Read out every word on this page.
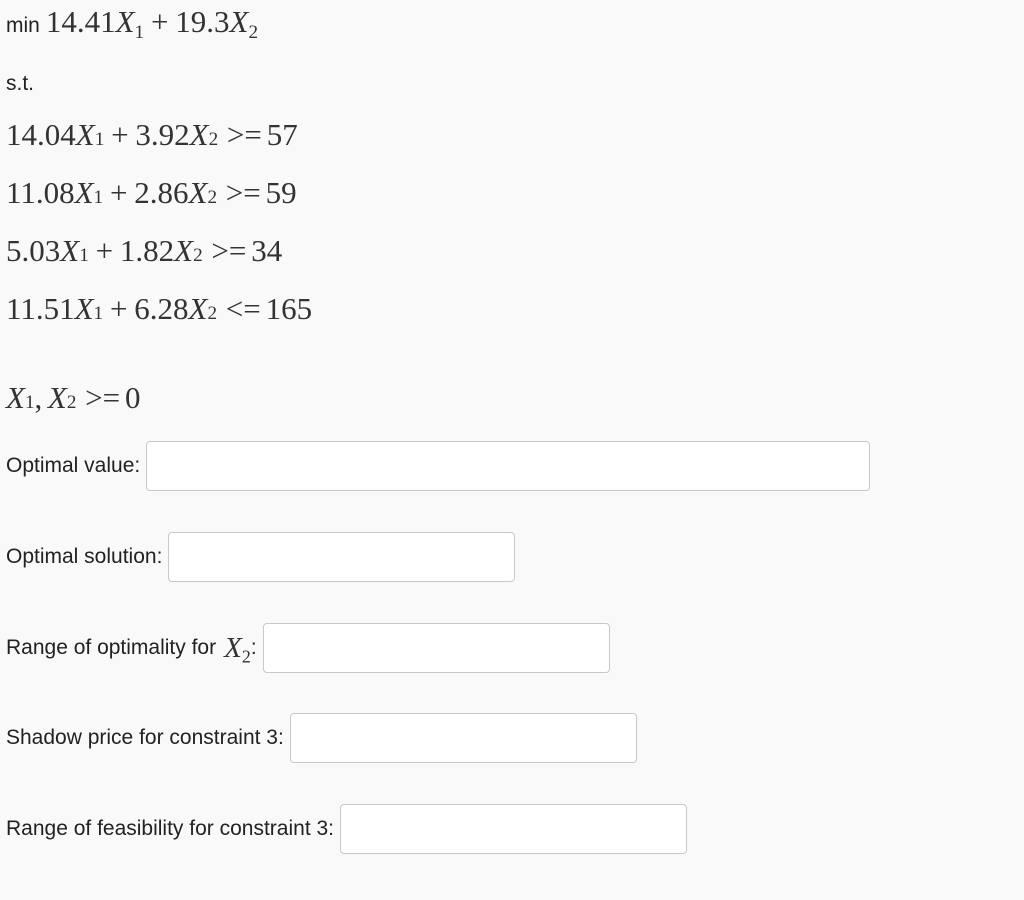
$\min 14.41X_1 + 19.3X_2$
s.t.
14.04 X 1 + 3.92 X 2 >= 57
11.08 X 1 + 2.86 X 2 >= 59
5.03 X 1 + 1.82 X 2 >= 34
11.51 X 1 + 6.28 X 2 <= 165
X 1 , X 2 >= 0
Optimal value:
Optimal solution:
Range of optimality for $X_2$ :
Shadow price for constraint 3:
Range of feasibility for constraint 3:
